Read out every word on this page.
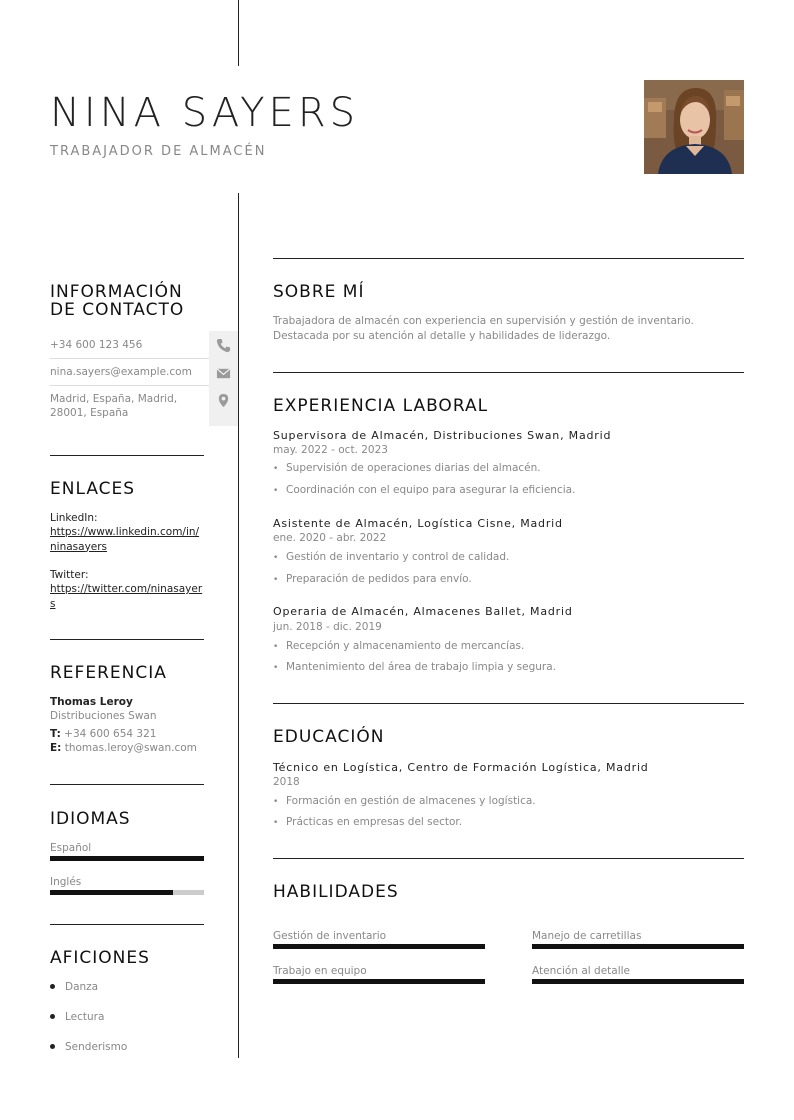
NINA SAYERS
TRABAJADOR DE ALMACÉN
INFORMACIÓN
DE CONTACTO
+34 600 123 456
nina.sayers@example.com
Madrid, España, Madrid, 28001, España
ENLACES
LinkedIn:
https://www.linkedin.com/in/ninasayers
Twitter:
https://twitter.com/ninasayers
REFERENCIA
Thomas Leroy
Distribuciones Swan
T: +34 600 654 321
E: thomas.leroy@swan.com
IDIOMAS
Español
Inglés
AFICIONES
Danza
Lectura
Senderismo
SOBRE MÍ
Trabajadora de almacén con experiencia en supervisión y gestión de inventario. Destacada por su atención al detalle y habilidades de liderazgo.
EXPERIENCIA LABORAL
Supervisora de Almacén, Distribuciones Swan, Madrid
may. 2022 - oct. 2023
• Supervisión de operaciones diarias del almacén.
• Coordinación con el equipo para asegurar la eficiencia.
Asistente de Almacén, Logística Cisne, Madrid
ene. 2020 - abr. 2022
• Gestión de inventario y control de calidad.
• Preparación de pedidos para envío.
Operaria de Almacén, Almacenes Ballet, Madrid
jun. 2018 - dic. 2019
• Recepción y almacenamiento de mercancías.
• Mantenimiento del área de trabajo limpia y segura.
EDUCACIÓN
Técnico en Logística, Centro de Formación Logística, Madrid
2018
• Formación en gestión de almacenes y logística.
• Prácticas en empresas del sector.
HABILIDADES
Gestión de inventario	Manejo de carretillas
Trabajo en equipo	Atención al detalle
